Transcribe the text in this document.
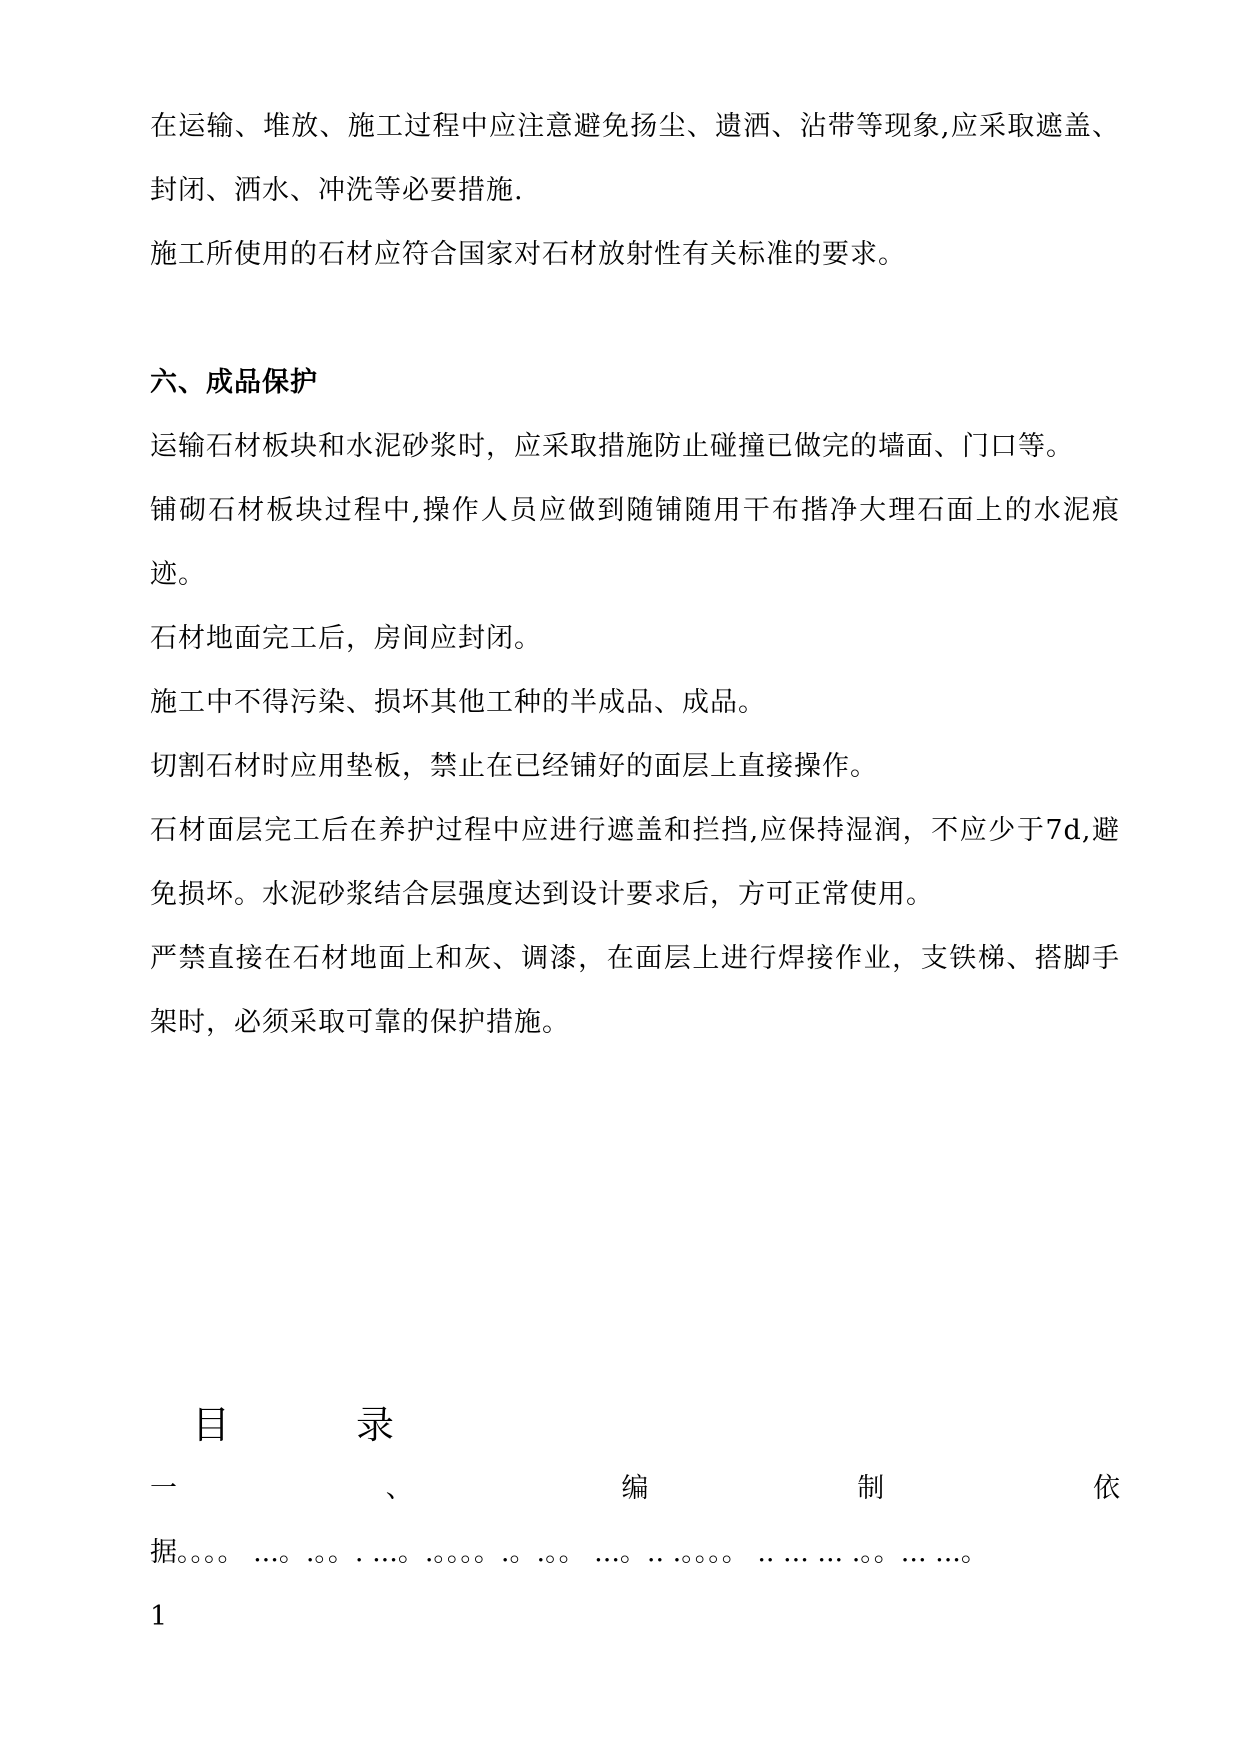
在运输、堆放、施工过程中应注意避免扬尘、遗洒、沾带等现象,应采取遮盖、封闭、洒水、冲洗等必要措施.

施工所使用的石材应符合国家对石材放射性有关标准的要求。

六、成品保护

运输石材板块和水泥砂浆时，应采取措施防止碰撞已做完的墙面、门口等。

铺砌石材板块过程中,操作人员应做到随铺随用干布揩净大理石面上的水泥痕迹。

石材地面完工后，房间应封闭。

施工中不得污染、损坏其他工种的半成品、成品。

切割石材时应用垫板，禁止在已经铺好的面层上直接操作。

石材面层完工后在养护过程中应进行遮盖和拦挡,应保持湿润，不应少于7d,避免损坏。水泥砂浆结合层强度达到设计要求后，方可正常使用。

严禁直接在石材地面上和灰、调漆，在面层上进行焊接作业，支铁梯、搭脚手架时，必须采取可靠的保护措施。

目	录
一	、	编	制	依
据。。。。 ...。.。。. ...。.。。。。.。.。。 ...。.. .。。。。 .. ... ... .。。... ...。
1
